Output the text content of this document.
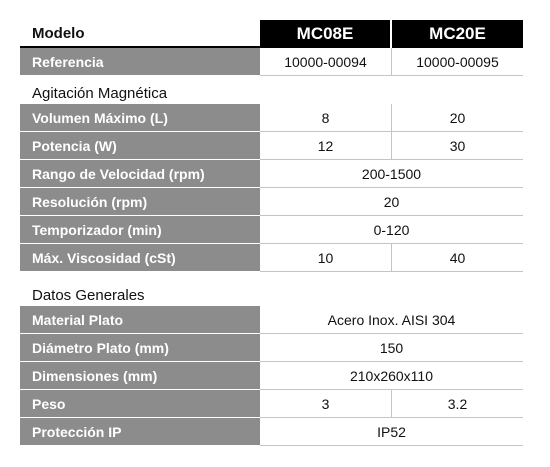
Modelo	MC08E	MC20E
Referencia	10000-00094	10000-00095
Agitación Magnética
Volumen Máximo (L)	8	20
Potencia (W)	12	30
Rango de Velocidad (rpm)	200-1500
Resolución (rpm)	20
Temporizador (min)	0-120
Máx. Viscosidad (cSt)	10	40
Datos Generales
Material Plato	Acero Inox. AISI 304
Diámetro Plato (mm)	150
Dimensiones (mm)	210x260x110
Peso	3	3.2
Protección IP	IP52
